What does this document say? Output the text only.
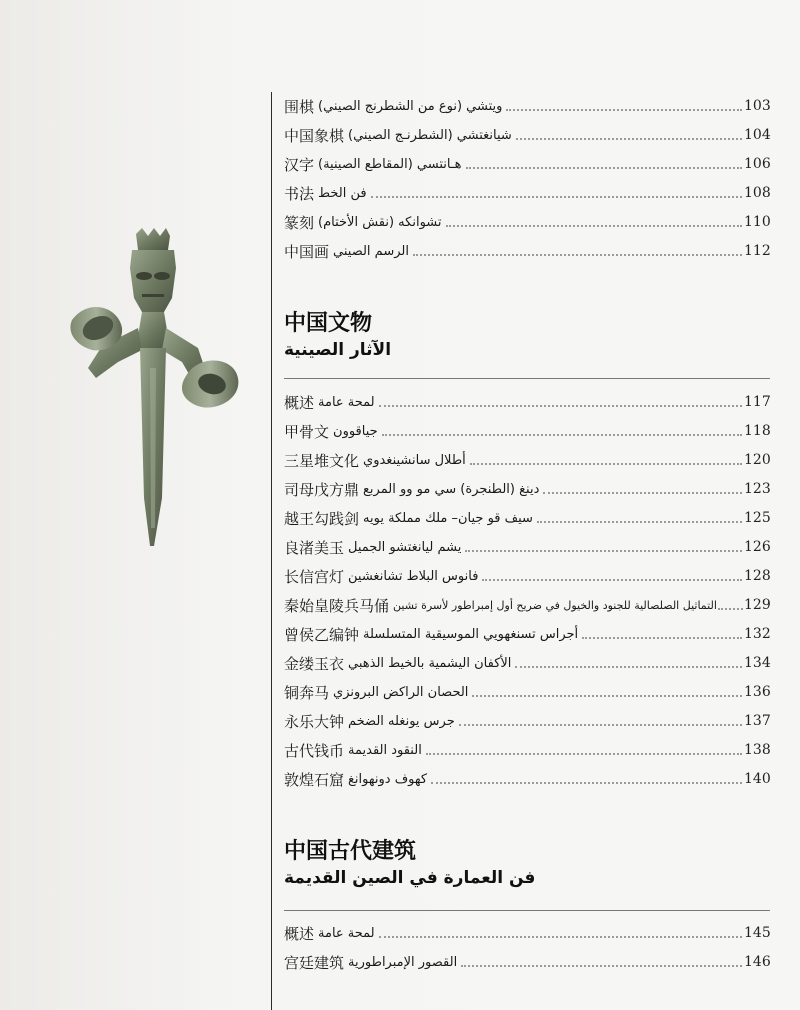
103
围棋 ويتشي (نوع من الشطرنج الصيني)
104
中国象棋 شيانغتشي (الشطرنـج الصيني)
106
汉字 هـانتسي (المقاطع الصينية)
108
书法 فن الخط
110
篆刻 تشوانكه (نقش الأختام)
112
中国画 الرسم الصيني
中国文物
الآثار الصينية
117
概述 لمحة عامة
118
甲骨文 جياقوون
120
三星堆文化 أطلال سانشينغدوي
123
司母戊方鼎 دينغ (الطنجرة) سي مو وو المربع
125
越王勾践剑 سيف قو جيان– ملك مملكة يويه
126
良渚美玉 يشم ليانغتشو الجميل
128
长信宫灯 فانوس البلاط تشانغشين
129
秦始皇陵兵马俑 التماثيل الصلصالية للجنود والخيول في ضريح أول إمبراطور لأسرة تشين
132
曾侯乙编钟 أجراس تسنغهويي الموسيقية المتسلسلة
134
金缕玉衣 الأكفان اليشمية بالخيط الذهبي
136
铜奔马 الحصان الراكض البرونزي
137
永乐大钟 جرس يونغله الضخم
138
古代钱币 النقود القديمة
140
敦煌石窟 كهوف دونهوانغ
中国古代建筑
فن العمارة في الصين القديمة
145
概述 لمحة عامة
146
宫廷建筑 القصور الإمبراطورية
